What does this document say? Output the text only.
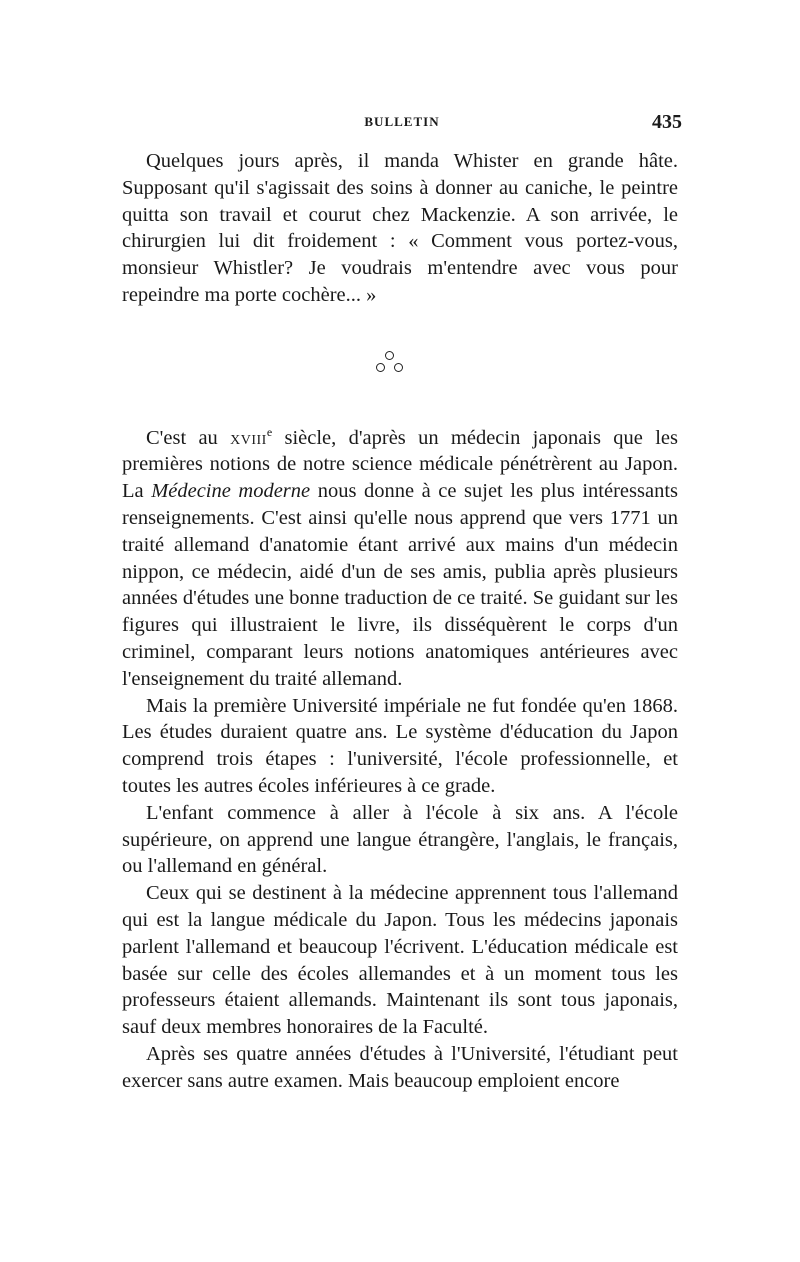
BULLETIN	435

Quelques jours après, il manda Whister en grande hâte. Supposant qu'il s'agissait des soins à donner au caniche, le peintre quitta son travail et courut chez Mackenzie. A son arrivée, le chirurgien lui dit froidement : « Comment vous portez-vous, monsieur Whistler? Je voudrais m'entendre avec vous pour repeindre ma porte cochère... »

C'est au xviii$^e$ siècle, d'après un médecin japonais que les premières notions de notre science médicale pénétrèrent au Japon. La Médecine moderne nous donne à ce sujet les plus intéressants renseignements. C'est ainsi qu'elle nous apprend que vers 1771 un traité allemand d'anatomie étant arrivé aux mains d'un médecin nippon, ce médecin, aidé d'un de ses amis, publia après plusieurs années d'études une bonne traduction de ce traité. Se guidant sur les figures qui illustraient le livre, ils disséquèrent le corps d'un criminel, comparant leurs notions anatomiques antérieures avec l'enseignement du traité allemand.

Mais la première Université impériale ne fut fondée qu'en 1868. Les études duraient quatre ans. Le système d'éducation du Japon comprend trois étapes : l'université, l'école professionnelle, et toutes les autres écoles inférieures à ce grade.

L'enfant commence à aller à l'école à six ans. A l'école supérieure, on apprend une langue étrangère, l'anglais, le français, ou l'allemand en général.

Ceux qui se destinent à la médecine apprennent tous l'allemand qui est la langue médicale du Japon. Tous les médecins japonais parlent l'allemand et beaucoup l'écrivent. L'éducation médicale est basée sur celle des écoles allemandes et à un moment tous les professeurs étaient allemands. Maintenant ils sont tous japonais, sauf deux membres honoraires de la Faculté.

Après ses quatre années d'études à l'Université, l'étudiant peut exercer sans autre examen. Mais beaucoup emploient encore
